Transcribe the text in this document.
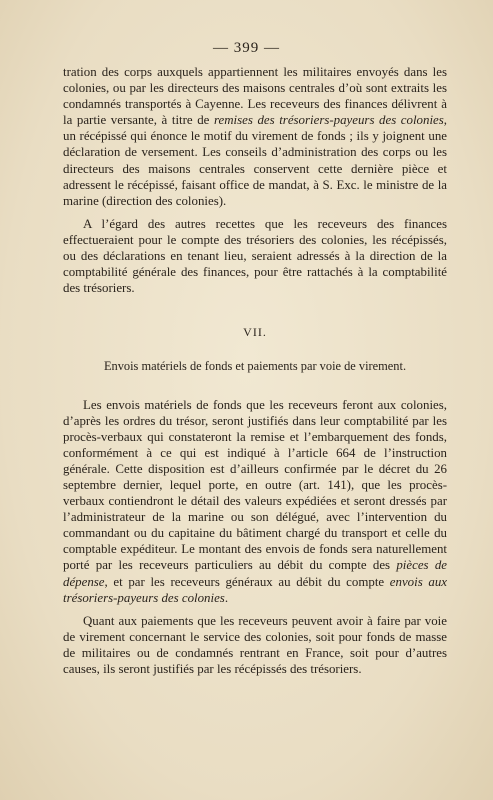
— 399 —

tration des corps auxquels appartiennent les militaires envoyés dans les colonies, ou par les directeurs des maisons centrales d’où sont extraits les condamnés transportés à Cayenne. Les receveurs des finances délivrent à la partie versante, à titre de remises des trésoriers-payeurs des colonies, un récépissé qui énonce le motif du virement de fonds ; ils y joignent une déclaration de versement. Les conseils d’administration des corps ou les directeurs des maisons centrales conservent cette dernière pièce et adressent le récépissé, faisant office de mandat, à S. Exc. le ministre de la marine (direction des colonies).

A l’égard des autres recettes que les receveurs des finances effectueraient pour le compte des trésoriers des colonies, les récépissés, ou des déclarations en tenant lieu, seraient adressés à la direction de la comptabilité générale des finances, pour être rattachés à la comptabilité des trésoriers.

VII.

Envois matériels de fonds et paiements par voie de virement.

Les envois matériels de fonds que les receveurs feront aux colonies, d’après les ordres du trésor, seront justifiés dans leur comptabilité par les procès-verbaux qui constateront la remise et l’embarquement des fonds, conformément à ce qui est indiqué à l’article 664 de l’instruction générale. Cette disposition est d’ailleurs confirmée par le décret du 26 septembre dernier, lequel porte, en outre (art. 141), que les procès-verbaux contiendront le détail des valeurs expédiées et seront dressés par l’administrateur de la marine ou son délégué, avec l’intervention du commandant ou du capitaine du bâtiment chargé du transport et celle du comptable expéditeur. Le montant des envois de fonds sera naturellement porté par les receveurs particuliers au débit du compte des pièces de dépense, et par les receveurs généraux au débit du compte envois aux trésoriers-payeurs des colonies.

Quant aux paiements que les receveurs peuvent avoir à faire par voie de virement concernant le service des colonies, soit pour fonds de masse de militaires ou de condamnés rentrant en France, soit pour d’autres causes, ils seront justifiés par les récépissés des trésoriers.
